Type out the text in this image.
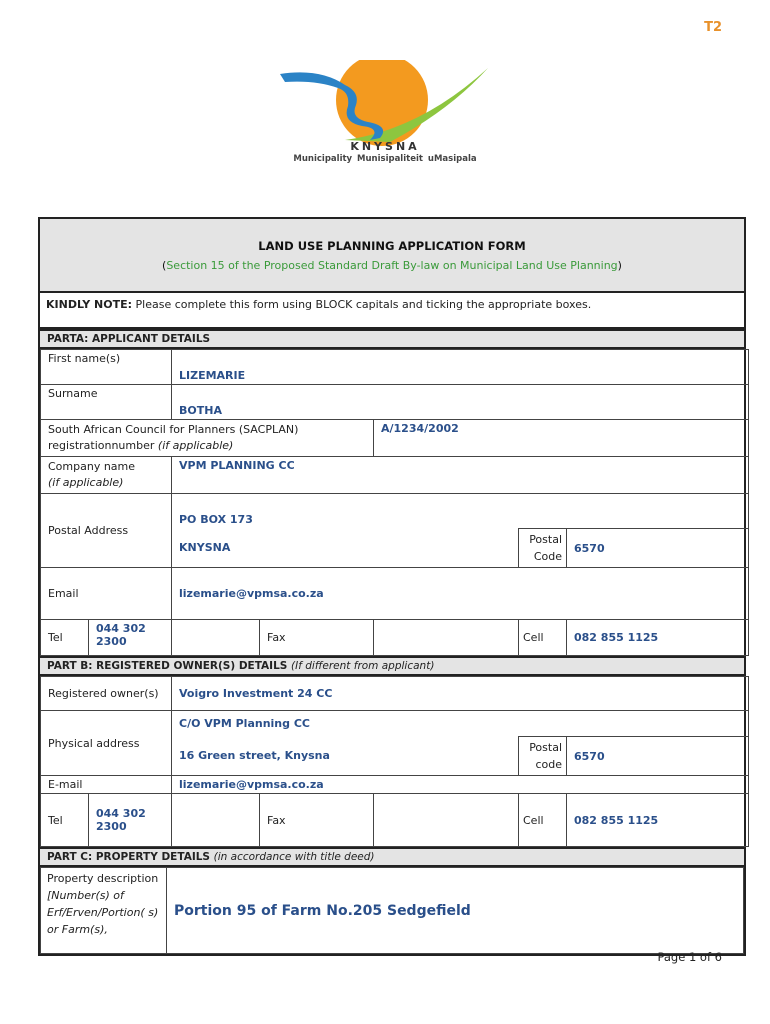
T2
KNYSNA
Municipality Munisipaliteit uMasipala
LAND USE PLANNING APPLICATION FORM
(Section 15 of the Proposed Standard Draft By-law on Municipal Land Use Planning)
KINDLY NOTE: Please complete this form using BLOCK capitals and ticking the appropriate boxes.
PARTA: APPLICANT DETAILS
First name(s)	LIZEMARIE				
Surname	BOTHA				
South African Council for Planners (SACPLAN) registrationnumber (if applicable)			A/1234/2002		
Company name
(if applicable)	VPM PLANNING CC				
Postal Address	PO BOX 173				
	KNYSNA			Postal Code	6570
Email	lizemarie@vpmsa.co.za				

Tel
044 302 2300		Fax		Cell	082 855 1125
PART B: REGISTERED OWNER(S) DETAILS (If different from applicant)
Registered owner(s)	Voigro Investment 24 CC				
Physical address	C/O VPM Planning CC				
	16 Green street, Knysna			Postal code	6570
E-mail	lizemarie@vpmsa.co.za				

Tel 044 302 2300		Fax		Cell	082 855 1125
PART C: PROPERTY DETAILS (in accordance with title deed)
Property description
[Number(s) of Erf/Erven/Portion( s) or Farm(s),	Portion 95 of Farm No.205 Sedgefield
Page 1 of 6
